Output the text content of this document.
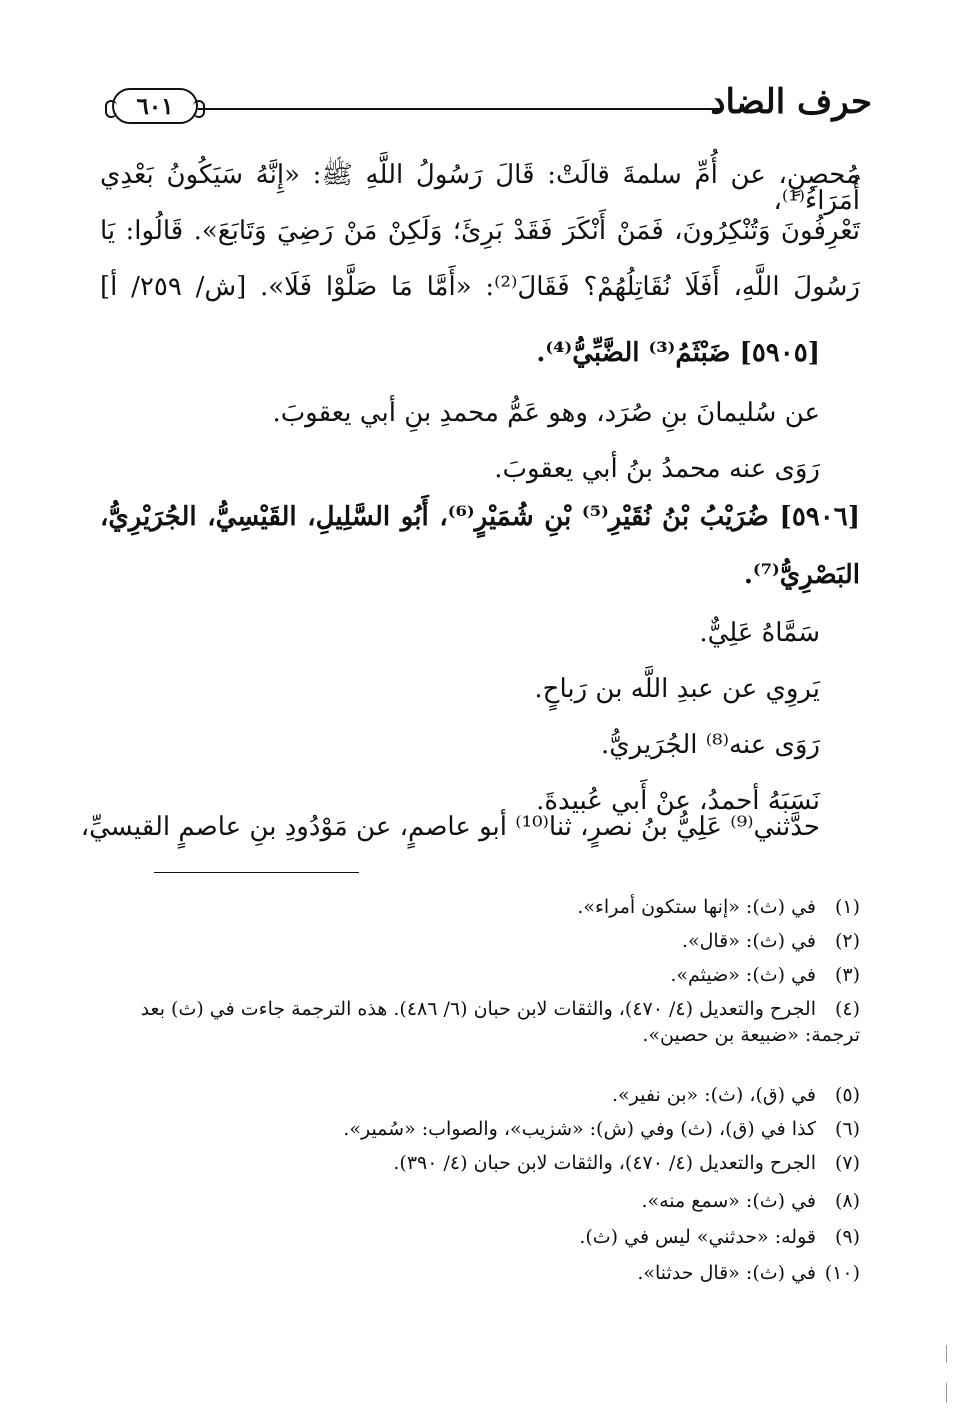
حرف الضاد
٦٠١
مُحصِنٍ، عن أُمِّ سلمةَ قالَتْ: قَالَ رَسُولُ اللَّهِ ﷺ: «إِنَّهُ سَيَكُونُ بَعْدِي أُمَرَاءُ⁽¹⁾،
تَعْرِفُونَ وَتُنْكِرُونَ، فَمَنْ أَنْكَرَ فَقَدْ بَرِئَ؛ وَلَكِنْ مَنْ رَضِيَ وَتَابَعَ». قَالُوا: يَا
رَسُولَ اللَّهِ، أَفَلَا نُقَاتِلُهُمْ؟ فَقَالَ⁽²⁾: «أَمَّا مَا صَلَّوْا فَلَا». [ش/ ٢٥٩/ أ]
[٥٩٠٥] ضَبْثَمُ⁽³⁾ الضَّبِّيُّ⁽⁴⁾.
عن سُليمانَ بنِ صُرَد، وهو عَمُّ محمدِ بنِ أبي يعقوبَ.
رَوَى عنه محمدُ بنُ أبي يعقوبَ.
[٥٩٠٦] ضُرَيْبُ بْنُ نُقَيْرِ⁽⁵⁾ بْنِ شُمَيْرٍ⁽⁶⁾، أَبُو السَّلِيلِ، القَيْسِيُّ، الجُرَيْرِيُّ،
البَصْرِيُّ⁽⁷⁾.
سَمَّاهُ عَلِيٌّ.
يَروِي عن عبدِ اللَّه بن رَباحٍ.
رَوَى عنه⁽⁸⁾ الجُرَيريُّ.
نَسَبَهُ أحمدُ، عنْ أَبي عُبيدةَ.
حدَّثني⁽⁹⁾ عَلِيُّ بنُ نصرٍ، ثنا⁽¹⁰⁾ أبو عاصمٍ، عن مَوْدُودِ بنِ عاصمٍ القيسيِّ،
(١)في (ث): «إنها ستكون أمراء».
(٢)في (ث): «قال».
(٣)في (ث): «ضيثم».
(٤)الجرح والتعديل (٤/ ٤٧٠)، والثقات لابن حبان (٦/ ٤٨٦). هذه الترجمة جاءت في (ث) بعد ترجمة: «ضبيعة بن حصين».
(٥)في (ق)، (ث): «بن نفير».
(٦)كذا في (ق)، (ث) وفي (ش): «شزيب»، والصواب: «سُمير».
(٧)الجرح والتعديل (٤/ ٤٧٠)، والثقات لابن حبان (٤/ ٣٩٠).
(٨)في (ث): «سمع منه».
(٩)قوله: «حدثني» ليس في (ث).
(١٠)في (ث): «قال حدثنا».
